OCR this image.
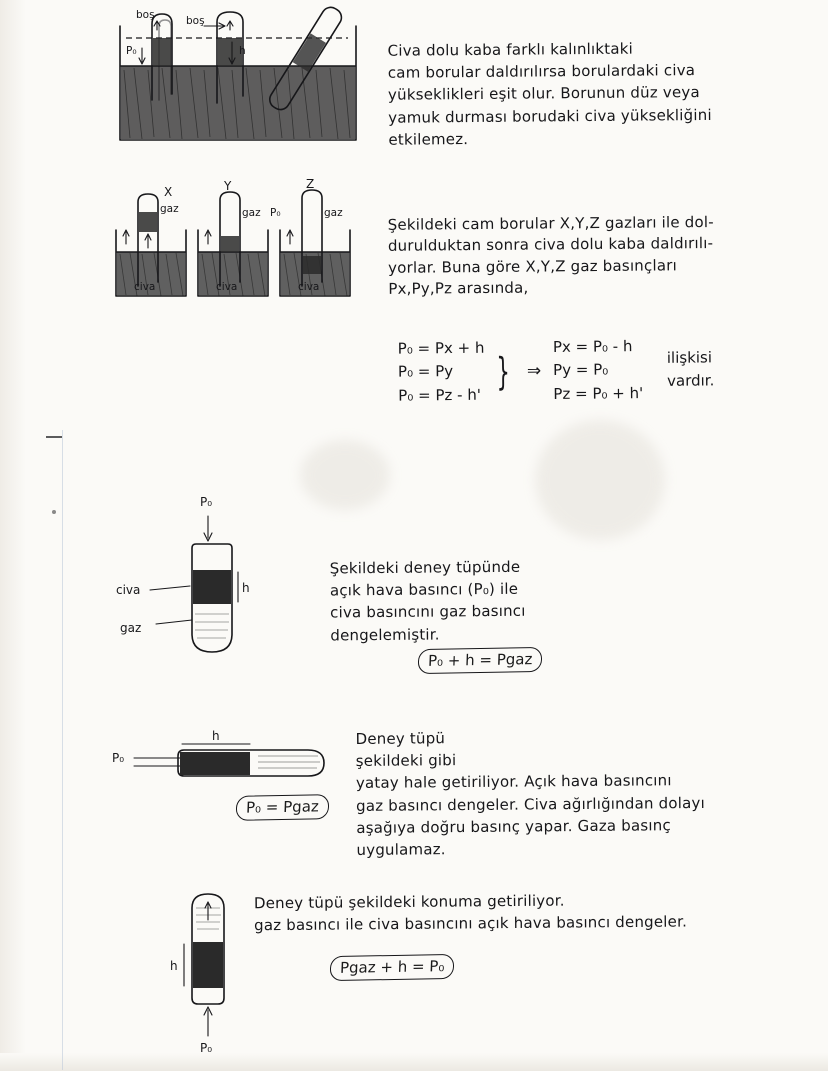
boş	boş
P₀	h	Civa dolu kaba farklı kalınlıktaki
cam borular daldırılırsa borulardaki civa
yükseklikleri eşit olur. Borunun düz veya
yamuk durması borudaki civa yüksekliğini
etkilemez.
civa
X
gaz
civa
Y
gaz
civa
Z
gaz
P₀	Şekildeki cam borular X,Y,Z gazları ile dol-
durulduktan sonra civa dolu kaba daldırılı-
yorlar. Buna göre X,Y,Z gaz basınçları
Px,Py,Pz arasında,
P₀ = Px + h
P₀ = Py
P₀ = Pz - h'
}	⇒
Px = P₀ - h
Py = P₀
Pz = P₀ + h'
ilişkisi
vardır.
P₀
h
civa
gaz
Şekildeki deney tüpünde
açık hava basıncı (P₀) ile
civa basıncını gaz basıncı
dengelemiştir.
P₀ + h = Pgaz
P₀
h
P₀ = Pgaz
Deney tüpü
şekildeki gibi
yatay hale getiriliyor. Açık hava basıncını
gaz basıncı dengeler. Civa ağırlığından dolayı
aşağıya doğru basınç yapar. Gaza basınç
uygulamaz.
h
P₀
Deney tüpü şekildeki konuma getiriliyor.
gaz basıncı ile civa basıncını açık hava basıncı dengeler.
Pgaz + h = P₀
